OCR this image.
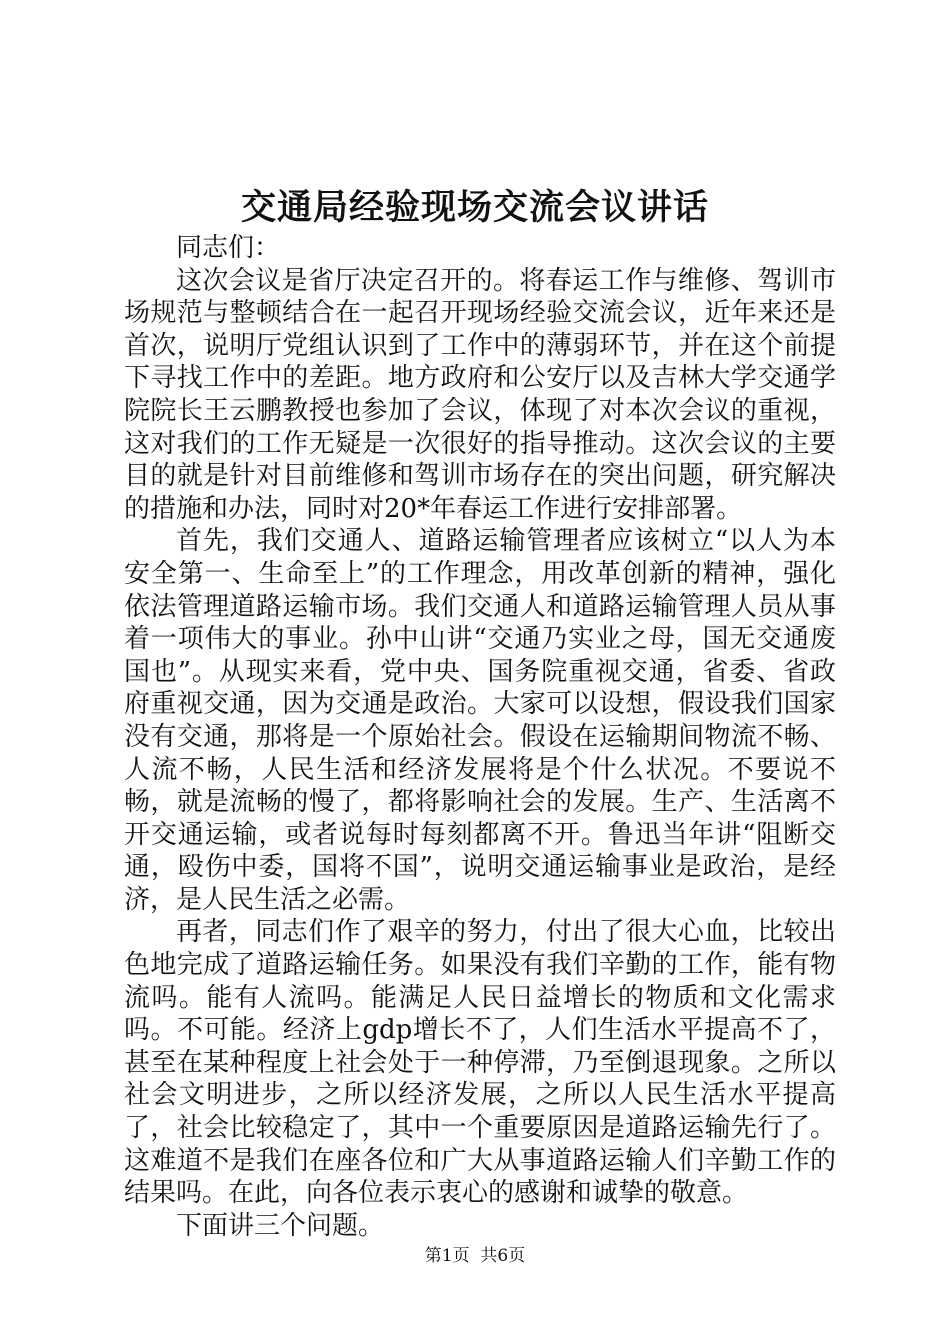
交通局经验现场交流会议讲话

同志们：

这次会议是省厅决定召开的。将春运工作与维修、驾训市场规范与整顿结合在一起召开现场经验交流会议，近年来还是首次，说明厅党组认识到了工作中的薄弱环节，并在这个前提下寻找工作中的差距。地方政府和公安厅以及吉林大学交通学院院长王云鹏教授也参加了会议，体现了对本次会议的重视，这对我们的工作无疑是一次很好的指导推动。这次会议的主要目的就是针对目前维修和驾训市场存在的突出问题，研究解决的措施和办法，同时对20*年春运工作进行安排部署。

首先，我们交通人、道路运输管理者应该树立“以人为本安全第一、生命至上”的工作理念，用改革创新的精神，强化依法管理道路运输市场。我们交通人和道路运输管理人员从事着一项伟大的事业。孙中山讲“交通乃实业之母，国无交通废国也”。从现实来看，党中央、国务院重视交通，省委、省政府重视交通，因为交通是政治。大家可以设想，假设我们国家没有交通，那将是一个原始社会。假设在运输期间物流不畅、人流不畅，人民生活和经济发展将是个什么状况。不要说不畅，就是流畅的慢了，都将影响社会的发展。生产、生活离不开交通运输，或者说每时每刻都离不开。鲁迅当年讲“阻断交通，殴伤中委，国将不国”，说明交通运输事业是政治，是经济，是人民生活之必需。

再者，同志们作了艰辛的努力，付出了很大心血，比较出色地完成了道路运输任务。如果没有我们辛勤的工作，能有物流吗。能有人流吗。能满足人民日益增长的物质和文化需求吗。不可能。经济上gdp增长不了，人们生活水平提高不了，甚至在某种程度上社会处于一种停滞，乃至倒退现象。之所以社会文明进步，之所以经济发展，之所以人民生活水平提高了，社会比较稳定了，其中一个重要原因是道路运输先行了。这难道不是我们在座各位和广大从事道路运输人们辛勤工作的结果吗。在此，向各位表示衷心的感谢和诚挚的敬意。

下面讲三个问题。

第1页  共6页
